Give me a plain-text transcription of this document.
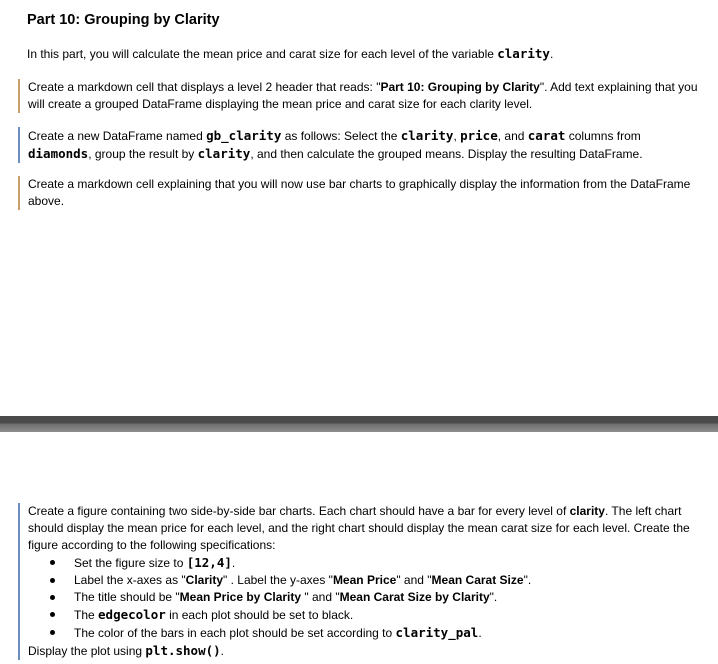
Part 10: Grouping by Clarity
In this part, you will calculate the mean price and carat size for each level of the variable clarity.
Create a markdown cell that displays a level 2 header that reads: "Part 10: Grouping by Clarity". Add text explaining that you will create a grouped DataFrame displaying the mean price and carat size for each clarity level.
Create a new DataFrame named gb_clarity as follows: Select the clarity, price, and carat columns from diamonds, group the result by clarity, and then calculate the grouped means. Display the resulting DataFrame.
Create a markdown cell explaining that you will now use bar charts to graphically display the information from the DataFrame above.
Create a figure containing two side-by-side bar charts. Each chart should have a bar for every level of clarity. The left chart should display the mean price for each level, and the right chart should display the mean carat size for each level. Create the figure according to the following specifications:
Set the figure size to [12,4].
Label the x-axes as "Clarity" . Label the y-axes "Mean Price" and "Mean Carat Size".
The title should be "Mean Price by Clarity " and "Mean Carat Size by Clarity".
The edgecolor in each plot should be set to black.
The color of the bars in each plot should be set according to clarity_pal.
Display the plot using plt.show().
